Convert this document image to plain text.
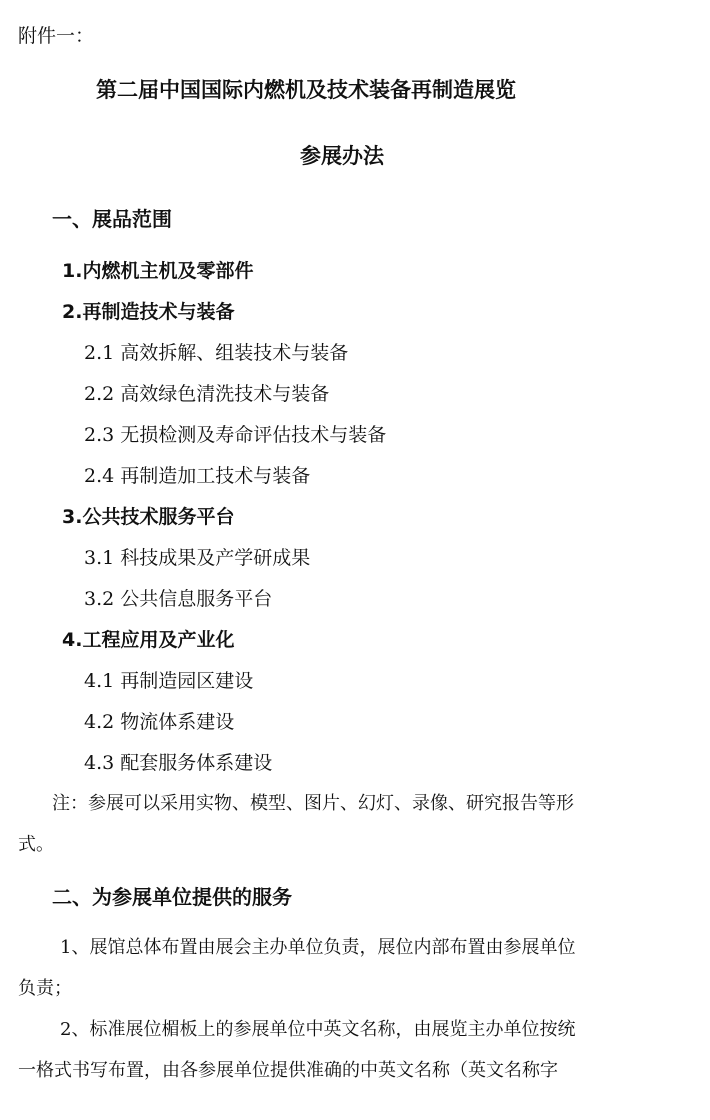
附件一：
第二届中国国际内燃机及技术装备再制造展览
参展办法
一、展品范围
1.内燃机主机及零部件
2.再制造技术与装备
2.1 高效拆解、组装技术与装备
2.2 高效绿色清洗技术与装备
2.3 无损检测及寿命评估技术与装备
2.4 再制造加工技术与装备
3.公共技术服务平台
3.1 科技成果及产学研成果
3.2 公共信息服务平台
4.工程应用及产业化
4.1 再制造园区建设
4.2 物流体系建设
4.3 配套服务体系建设
注：参展可以采用实物、模型、图片、幻灯、录像、研究报告等形
式。
二、为参展单位提供的服务
1、展馆总体布置由展会主办单位负责，展位内部布置由参展单位
负责；
2、标准展位楣板上的参展单位中英文名称，由展览主办单位按统
一格式书写布置，由各参展单位提供准确的中英文名称（英文名称字
